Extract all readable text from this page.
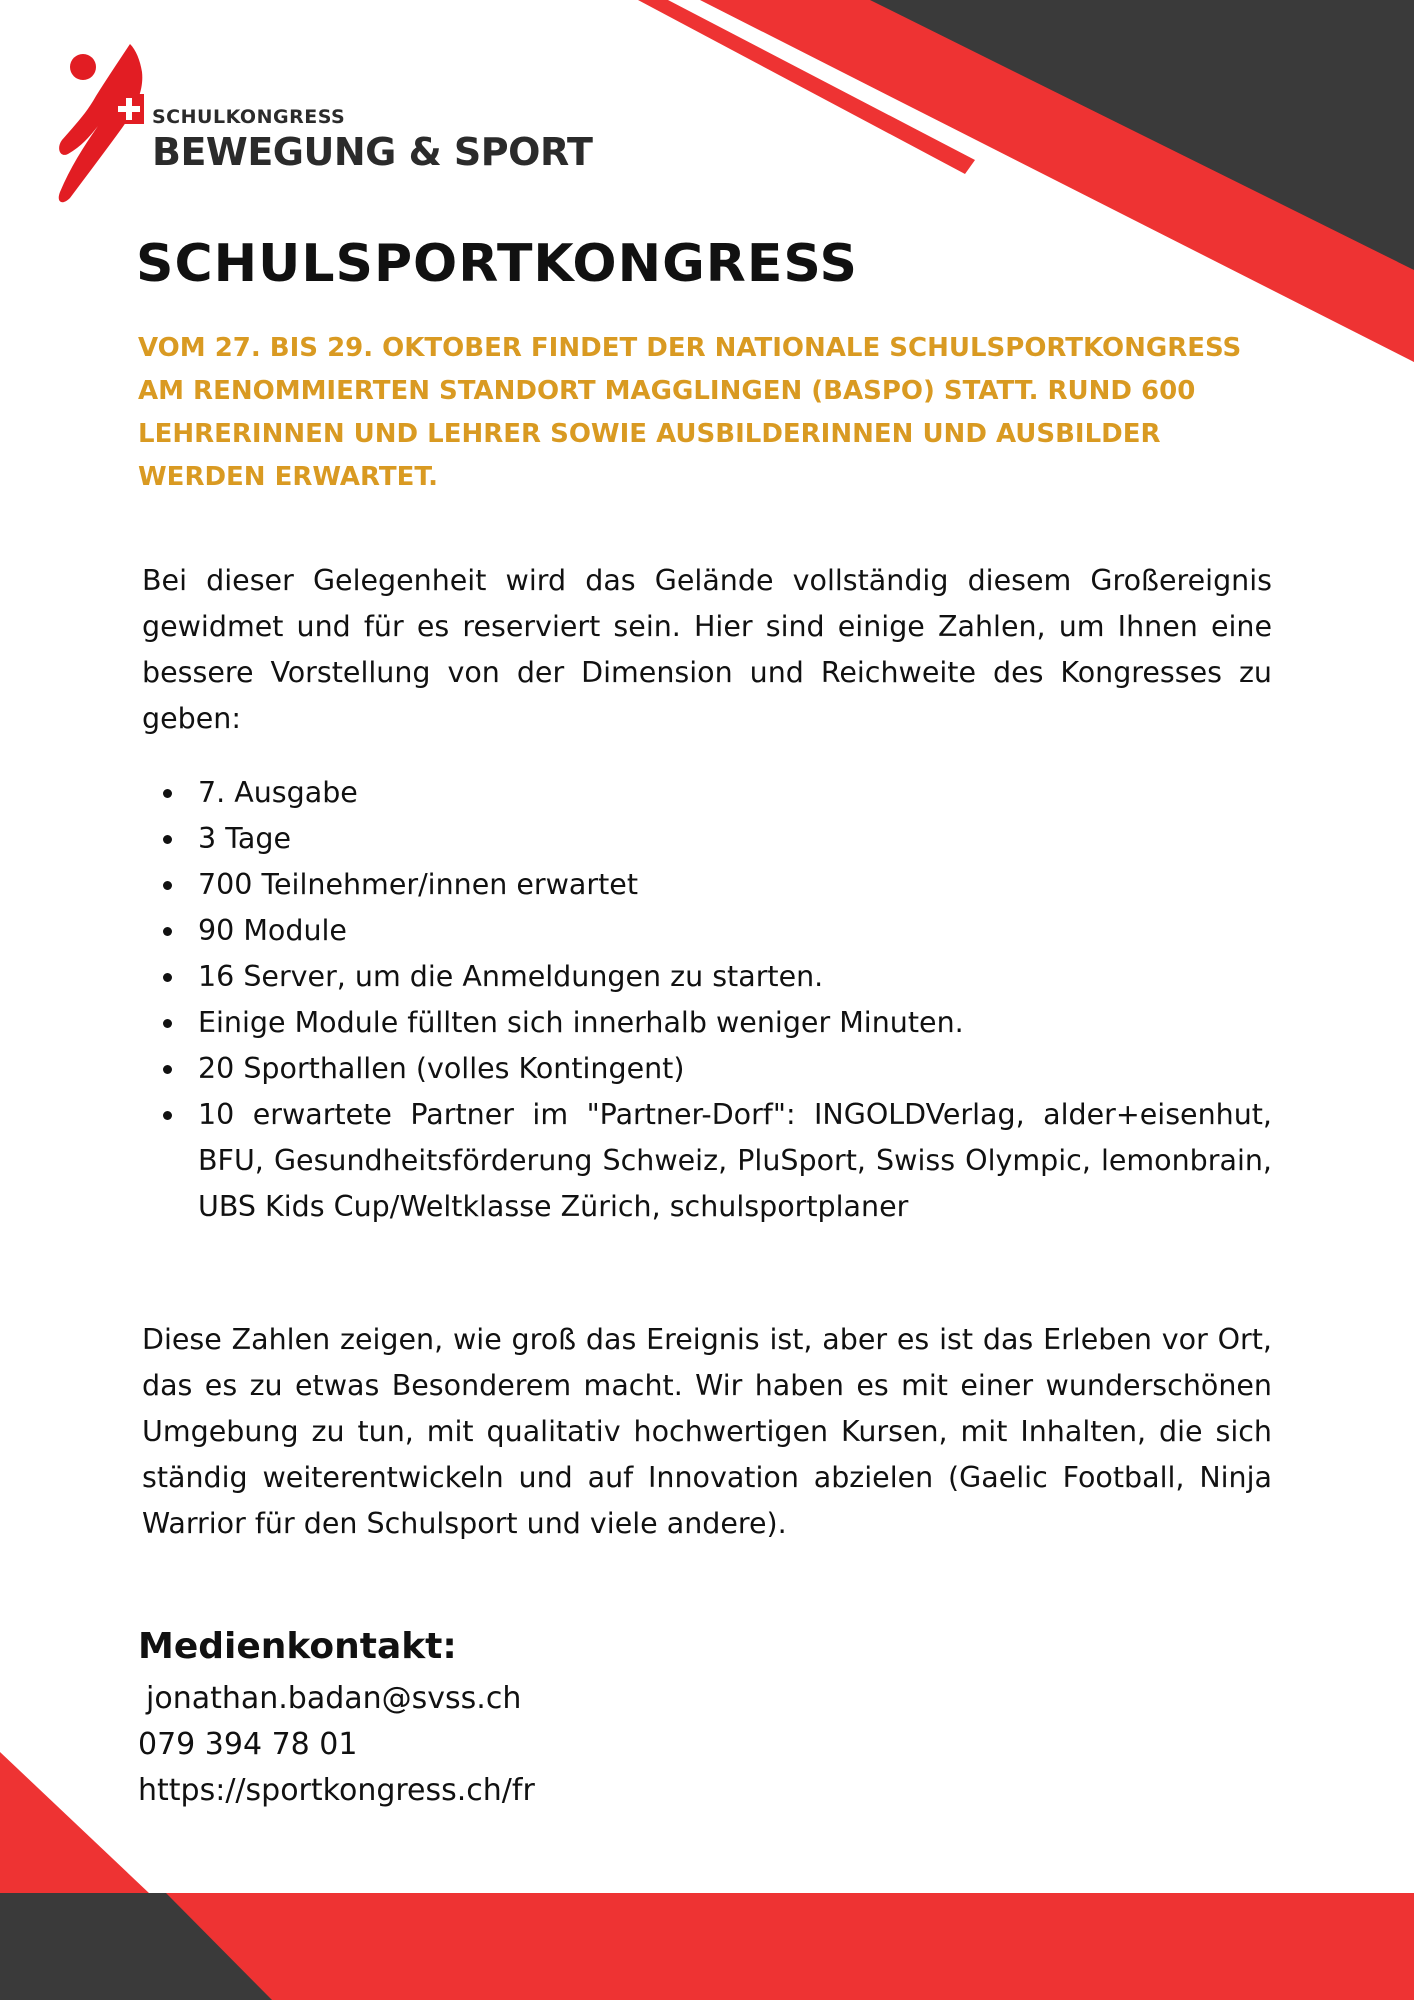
SCHULKONGRESS
BEWEGUNG & SPORT
SCHULSPORTKONGRESS

VOM 27. BIS 29. OKTOBER FINDET DER NATIONALE SCHULSPORTKONGRESS AM RENOMMIERTEN STANDORT MAGGLINGEN (BASPO) STATT. RUND 600 LEHRERINNEN UND LEHRER SOWIE AUSBILDERINNEN UND AUSBILDER WERDEN ERWARTET.

Bei dieser Gelegenheit wird das Gelände vollständig diesem Großereignis gewidmet und für es reserviert sein. Hier sind einige Zahlen, um Ihnen eine bessere Vorstellung von der Dimension und Reichweite des Kongresses zu geben:

7. Ausgabe
3 Tage
700 Teilnehmer/innen erwartet
90 Module
16 Server, um die Anmeldungen zu starten.
Einige Module füllten sich innerhalb weniger Minuten.
20 Sporthallen (volles Kontingent)
10 erwartete Partner im "Partner-Dorf": INGOLDVerlag, alder+eisenhut, BFU, Gesundheitsförderung Schweiz, PluSport, Swiss Olympic, lemonbrain, UBS Kids Cup/Weltklasse Zürich, schulsportplaner

Diese Zahlen zeigen, wie groß das Ereignis ist, aber es ist das Erleben vor Ort, das es zu etwas Besonderem macht. Wir haben es mit einer wunderschönen Umgebung zu tun, mit qualitativ hochwertigen Kursen, mit Inhalten, die sich ständig weiterentwickeln und auf Innovation abzielen (Gaelic Football, Ninja Warrior für den Schulsport und viele andere).

Medienkontakt:
jonathan.badan@svss.ch
079 394 78 01
https://sportkongress.ch/fr
